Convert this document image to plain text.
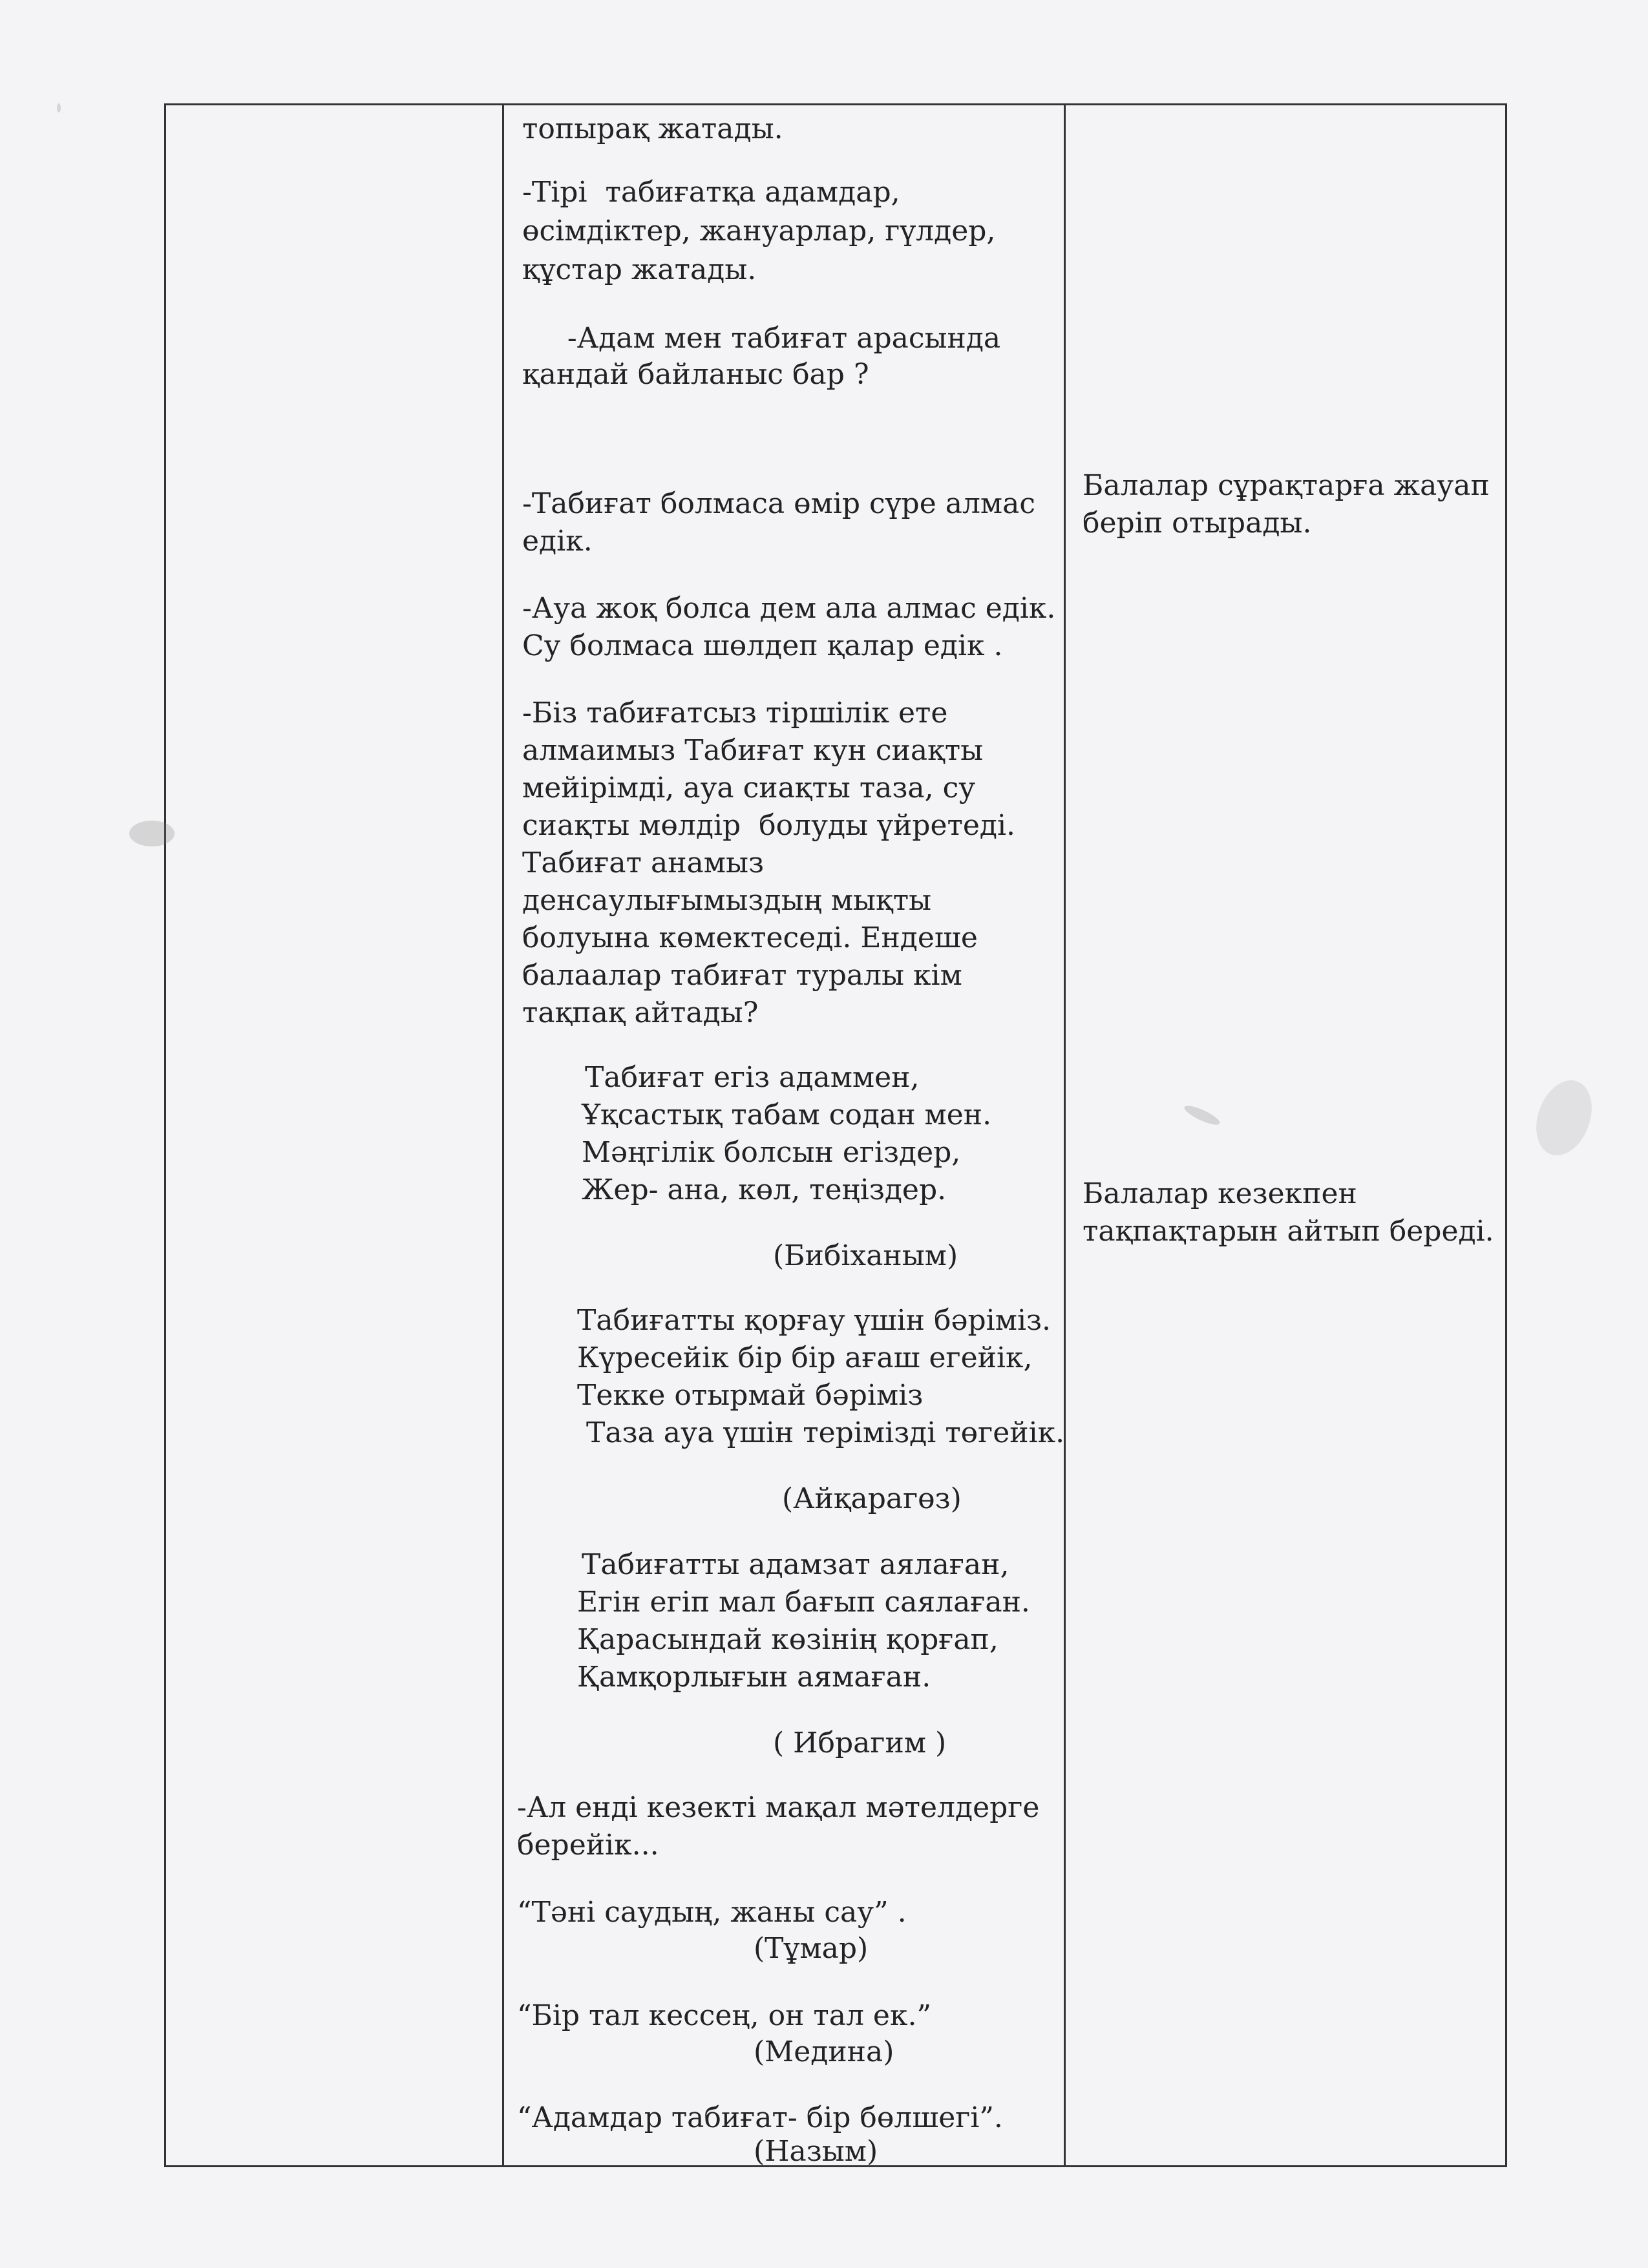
топырақ жатады.
-Тірі  табиғатқа адамдар,
өсімдіктер, жануарлар, гүлдер,
құстар жатады.
-Адам мен табиғат арасында
қандай байланыс бар ?
-Табиғат болмаса өмір сүре алмас
едік.
-Ауа жоқ болса дем ала алмас едік.
Су болмаса шөлдеп қалар едік .
-Біз табиғатсыз тіршілік ете
алмаимыз Табиғат кун сиақты
мейірімді, ауа сиақты таза, су
сиақты мөлдір  болуды үйретеді.
Табиғат анамыз
денсаулығымыздың мықты
болуына көмектеседі. Ендеше
балаалар табиғат туралы кім
тақпақ айтады?
Табиғат егіз адаммен,
Ұқсастық табам содан мен.
Мәңгілік болсын егіздер,
Жер- ана, көл, теңіздер.
(Бибіханым)
Табиғатты қорғау үшін бәріміз.
Күресейік бір бір ағаш егейік,
Текке отырмай бәріміз
Таза ауа үшін терімізді төгейік.
(Айқарагөз)
Табиғатты адамзат аялаған,
Егін егіп мал бағып саялаған.
Қарасындай көзінің қорғап,
Қамқорлығын аямаған.
( Ибрагим )
-Ал енді кезекті мақал мәтелдерге
берейік...
“Тәні саудың, жаны сау” .
(Тұмар)
“Бір тал кессең, он тал ек.”
(Медина)
“Адамдар табиғат- бір бөлшегі”.
(Назым)
Балалар сұрақтарға жауап
беріп отырады.
Балалар кезекпен
тақпақтарын айтып береді.
